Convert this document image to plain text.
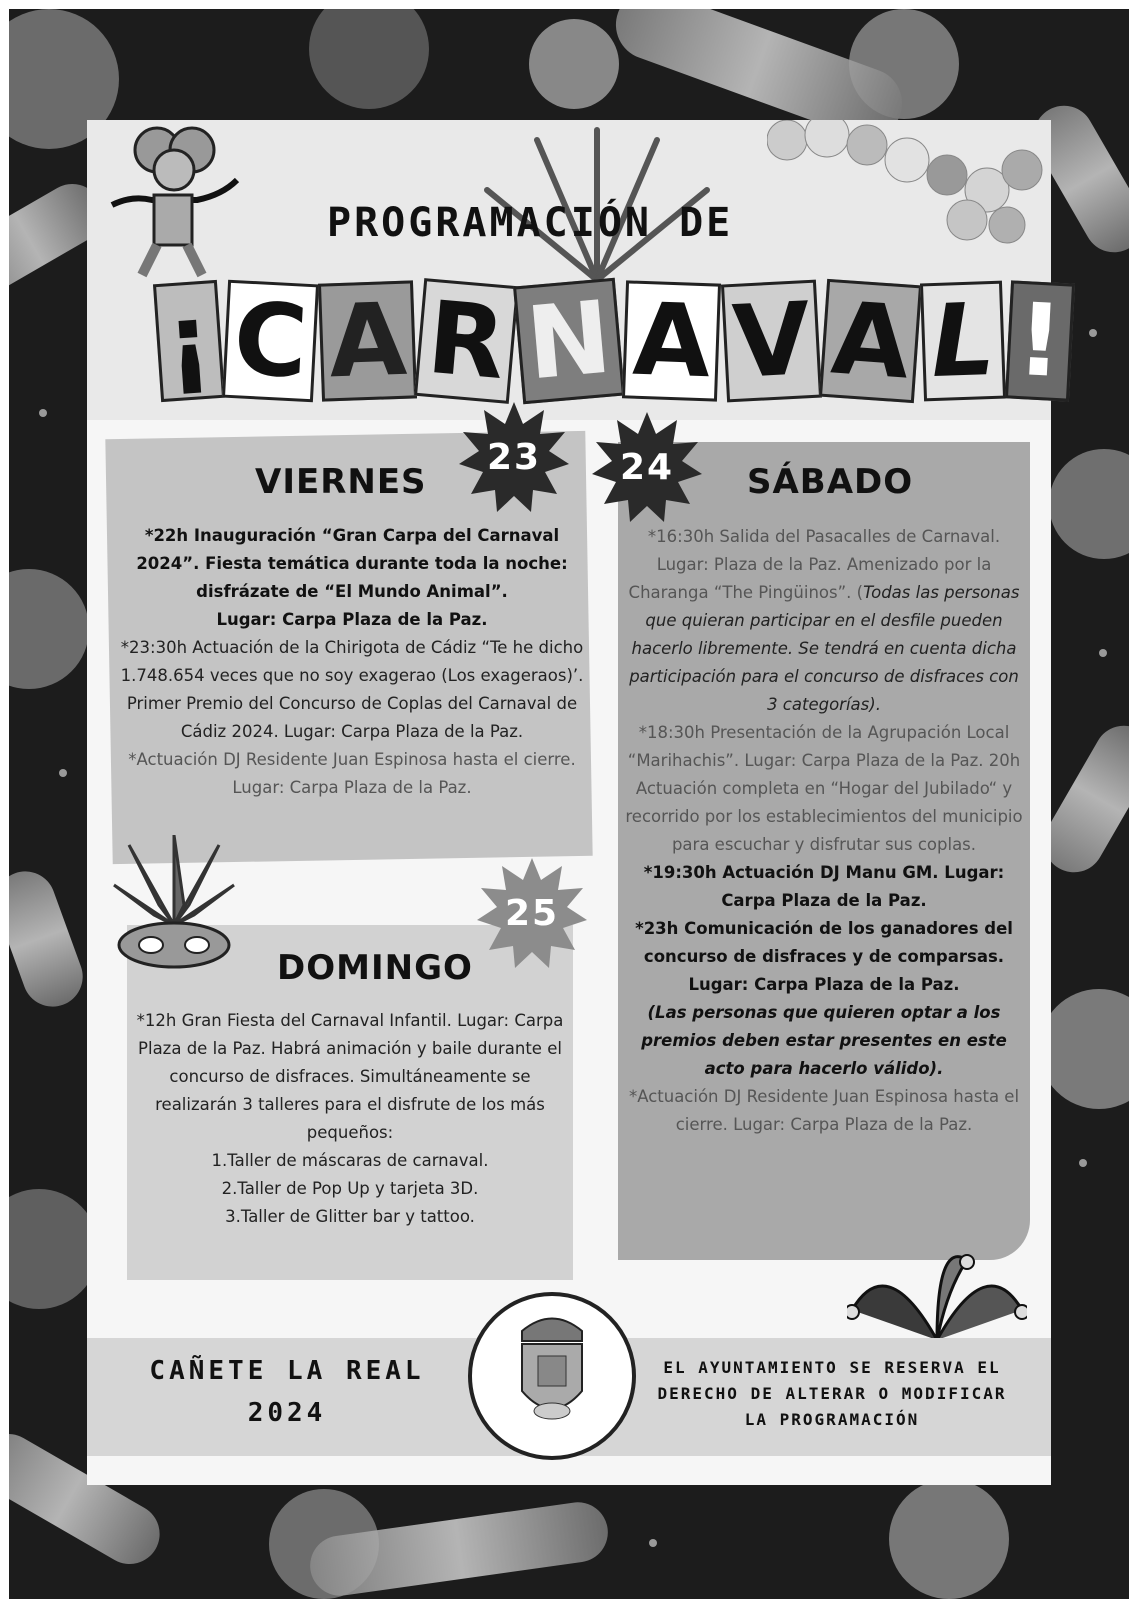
PROGRAMACIÓN DE
¡ C A R N A V A L !
23
VIERNES
*22h Inauguración “Gran Carpa del Carnaval 2024”. Fiesta temática durante toda la noche: disfrázate de “El Mundo Animal”.
Lugar: Carpa Plaza de la Paz.
*23:30h Actuación de la Chirigota de Cádiz “Te he dicho 1.748.654 veces que no soy exagerao (Los exageraos)’. Primer Premio del Concurso de Coplas del Carnaval de Cádiz 2024. Lugar: Carpa Plaza de la Paz.
*Actuación DJ Residente Juan Espinosa hasta el cierre. Lugar: Carpa Plaza de la Paz.
24 SÁBADO
*16:30h Salida del Pasacalles de Carnaval. Lugar: Plaza de la Paz. Amenizado por la Charanga “The Pingüinos”. (Todas las personas que quieran participar en el desfile pueden hacerlo libremente. Se tendrá en cuenta dicha participación para el concurso de disfraces con 3 categorías).
*18:30h Presentación de la Agrupación Local “Marihachis”. Lugar: Carpa Plaza de la Paz. 20h Actuación completa en “Hogar del Jubilado“ y recorrido por los establecimientos del municipio para escuchar y disfrutar sus coplas.
*19:30h Actuación DJ Manu GM. Lugar: Carpa Plaza de la Paz.
*23h Comunicación de los ganadores del concurso de disfraces y de comparsas. Lugar: Carpa Plaza de la Paz.
(Las personas que quieren optar a los premios deben estar presentes en este acto para hacerlo válido).
*Actuación DJ Residente Juan Espinosa hasta el cierre. Lugar: Carpa Plaza de la Paz.
25
DOMINGO
*12h Gran Fiesta del Carnaval Infantil. Lugar: Carpa Plaza de la Paz. Habrá animación y baile durante el concurso de disfraces. Simultáneamente se realizarán 3 talleres para el disfrute de los más pequeños:
1.Taller de máscaras de carnaval.
2.Taller de Pop Up y tarjeta 3D.
3.Taller de Glitter bar y tattoo.
CAÑETE LA REAL
2024
EL AYUNTAMIENTO SE RESERVA EL DERECHO DE ALTERAR O MODIFICAR LA PROGRAMACIÓN
